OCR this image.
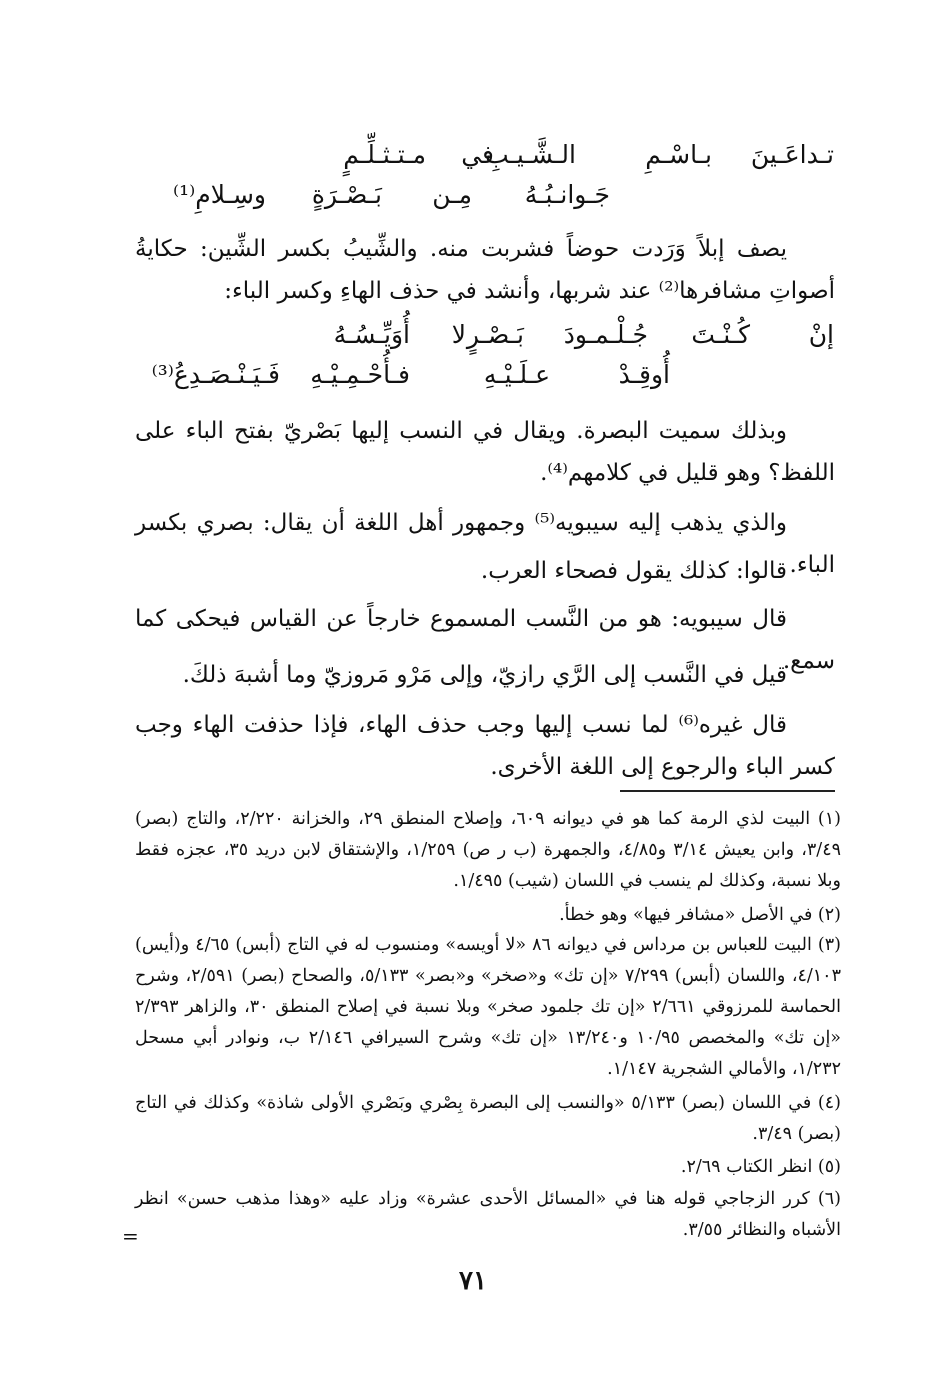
تـداعَـينَ
بـاسْـمِ
الـشَّـيـبِ
في
مـتـثـلِّـمٍ
جَـوانـبُـهُ
مِـن
بَـصْـرَةٍ
وسِـلامِ⁽¹⁾
يصف إبلاً وَرَدت حوضاً فشربت منه. والشِّيبُ بكسر الشِّين: حكايةُ أصواتِ مشافرها⁽²⁾ عند شربها، وأنشد في حذف الهاءِ وكسر الباء:
إنْ
كُـنْـتَ
جُـلْـمـودَ
بَـصْـرٍ
لا
أُوَيِّـسُـهُ
أُوقِـدْ
عـلَـيْـهِ
فـأُحْـمِـيْـهِ
فَـيَـنْـصَـدِعُ⁽³⁾
وبذلك سميت البصرة. ويقال في النسب إليها بَصْريّ بفتح الباء على اللفظ؟ وهو قليل في كلامهم⁽⁴⁾.
والذي يذهب إليه سيبويه⁽⁵⁾ وجمهور أهل اللغة أن يقال: بصري بكسر الباء.
قالوا: كذلك يقول فصحاء العرب.
قال سيبويه: هو من النَّسب المسموع خارجاً عن القياس فيحكى كما سمع.
قيل في النَّسب إلى الرَّي رازيّ، وإلى مَرْو مَروزيّ وما أشبهَ ذلكَ.
قال غيره⁽⁶⁾ لما نسب إليها وجب حذف الهاء، فإذا حذفت الهاء وجب كسر الباء والرجوع إلى اللغة الأخرى.
(١) البيت لذي الرمة كما هو في ديوانه ٦٠٩، وإصلاح المنطق ٢٩، والخزانة ٢/٢٢٠، والتاج (بصر) ٣/٤٩، وابن يعيش ٣/١٤ و٤/٨٥، والجمهرة (ب ر ص) ١/٢٥٩، والإشتقاق لابن دريد ٣٥، عجزه فقط وبلا نسبة، وكذلك لم ينسب في اللسان (شيب) ١/٤٩٥.
(٢) في الأصل «مشافر فيها» وهو خطأ.
(٣) البيت للعباس بن مرداس في ديوانه ٨٦ «لا أويسه» ومنسوب له في التاج (أبس) ٤/٦٥ و(أيس) ٤/١٠٣، واللسان (أبس) ٧/٢٩٩ «إن تك» و«صخر» و«بصر» ٥/١٣٣، والصحاح (بصر) ٢/٥٩١، وشرح الحماسة للمرزوقي ٢/٦٦١ «إن تك جلمود صخر» وبلا نسبة في إصلاح المنطق ٣٠، والزاهر ٢/٣٩٣ «إن تك» والمخصص ١٠/٩٥ و١٣/٢٤٠ «إن تك» وشرح السيرافي ٢/١٤٦ ب، ونوادر أبي مسحل ١/٢٣٢، والأمالي الشجرية ١/١٤٧.
(٤) في اللسان (بصر) ٥/١٣٣ «والنسب إلى البصرة بِصْري وبَصْري الأولى شاذة» وكذلك في التاج (بصر) ٣/٤٩.
(٥) انظر الكتاب ٢/٦٩.
(٦) كرر الزجاجي قوله هنا في «المسائل الأحدى عشرة» وزاد عليه «وهذا مذهب حسن» انظر الأشباه والنظائر ٣/٥٥.
=
٧١
